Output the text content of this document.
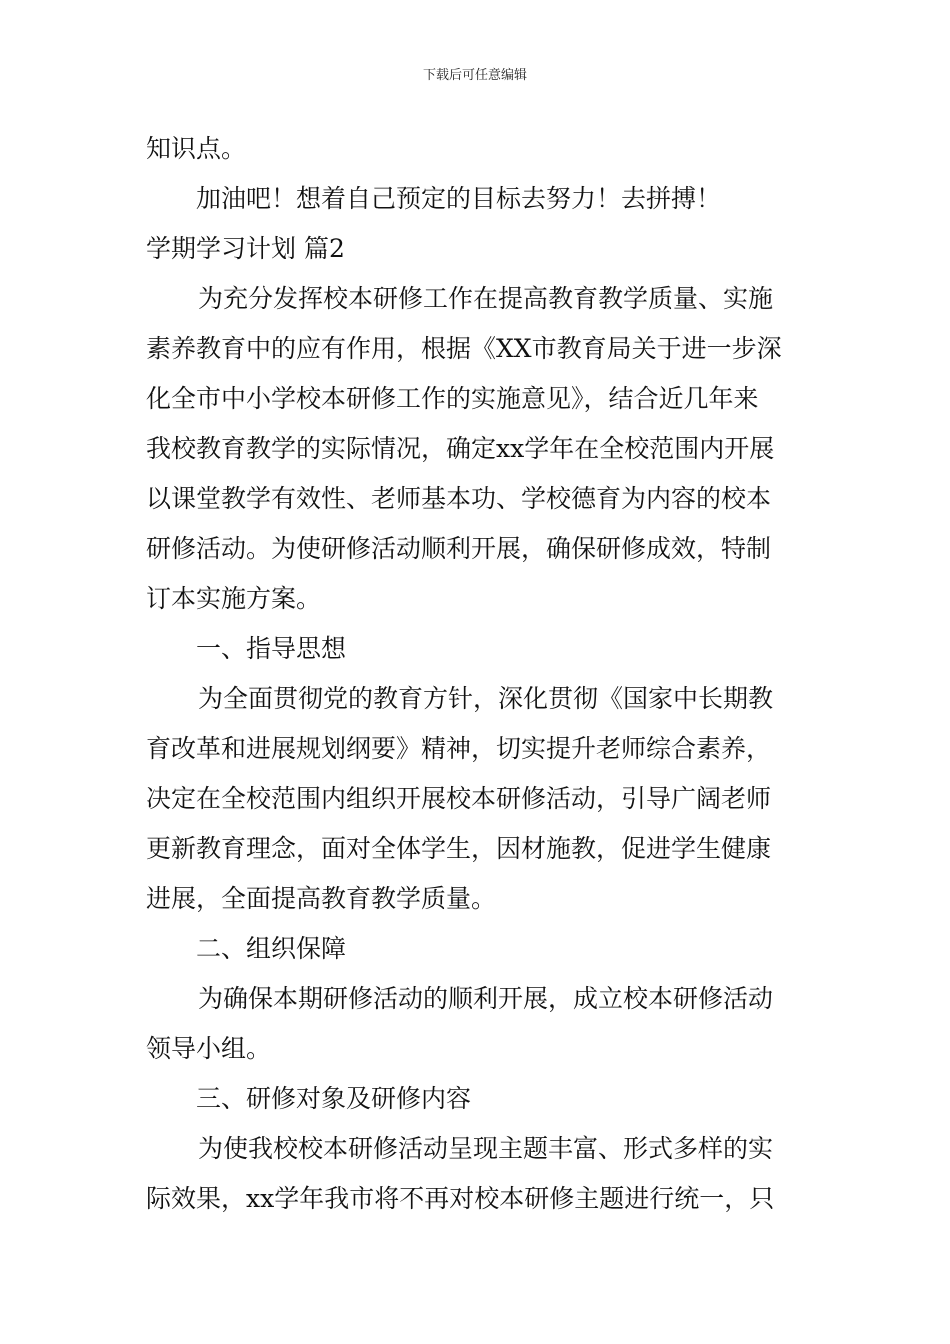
下载后可任意编辑
知识点。
加油吧！想着自己预定的目标去努力！去拼搏！
学期学习计划 篇2
为充分发挥校本研修工作在提高教育教学质量、实施
素养教育中的应有作用，根据《XX市教育局关于进一步深
化全市中小学校本研修工作的实施意见》，结合近几年来
我校教育教学的实际情况，确定xx学年在全校范围内开展
以课堂教学有效性、老师基本功、学校德育为内容的校本
研修活动。为使研修活动顺利开展，确保研修成效，特制
订本实施方案。
一、指导思想
为全面贯彻党的教育方针，深化贯彻《国家中长期教
育改革和进展规划纲要》精神，切实提升老师综合素养，
决定在全校范围内组织开展校本研修活动，引导广阔老师
更新教育理念，面对全体学生，因材施教，促进学生健康
进展，全面提高教育教学质量。
二、组织保障
为确保本期研修活动的顺利开展，成立校本研修活动
领导小组。
三、研修对象及研修内容
为使我校校本研修活动呈现主题丰富、形式多样的实
际效果，xx学年我市将不再对校本研修主题进行统一，只
